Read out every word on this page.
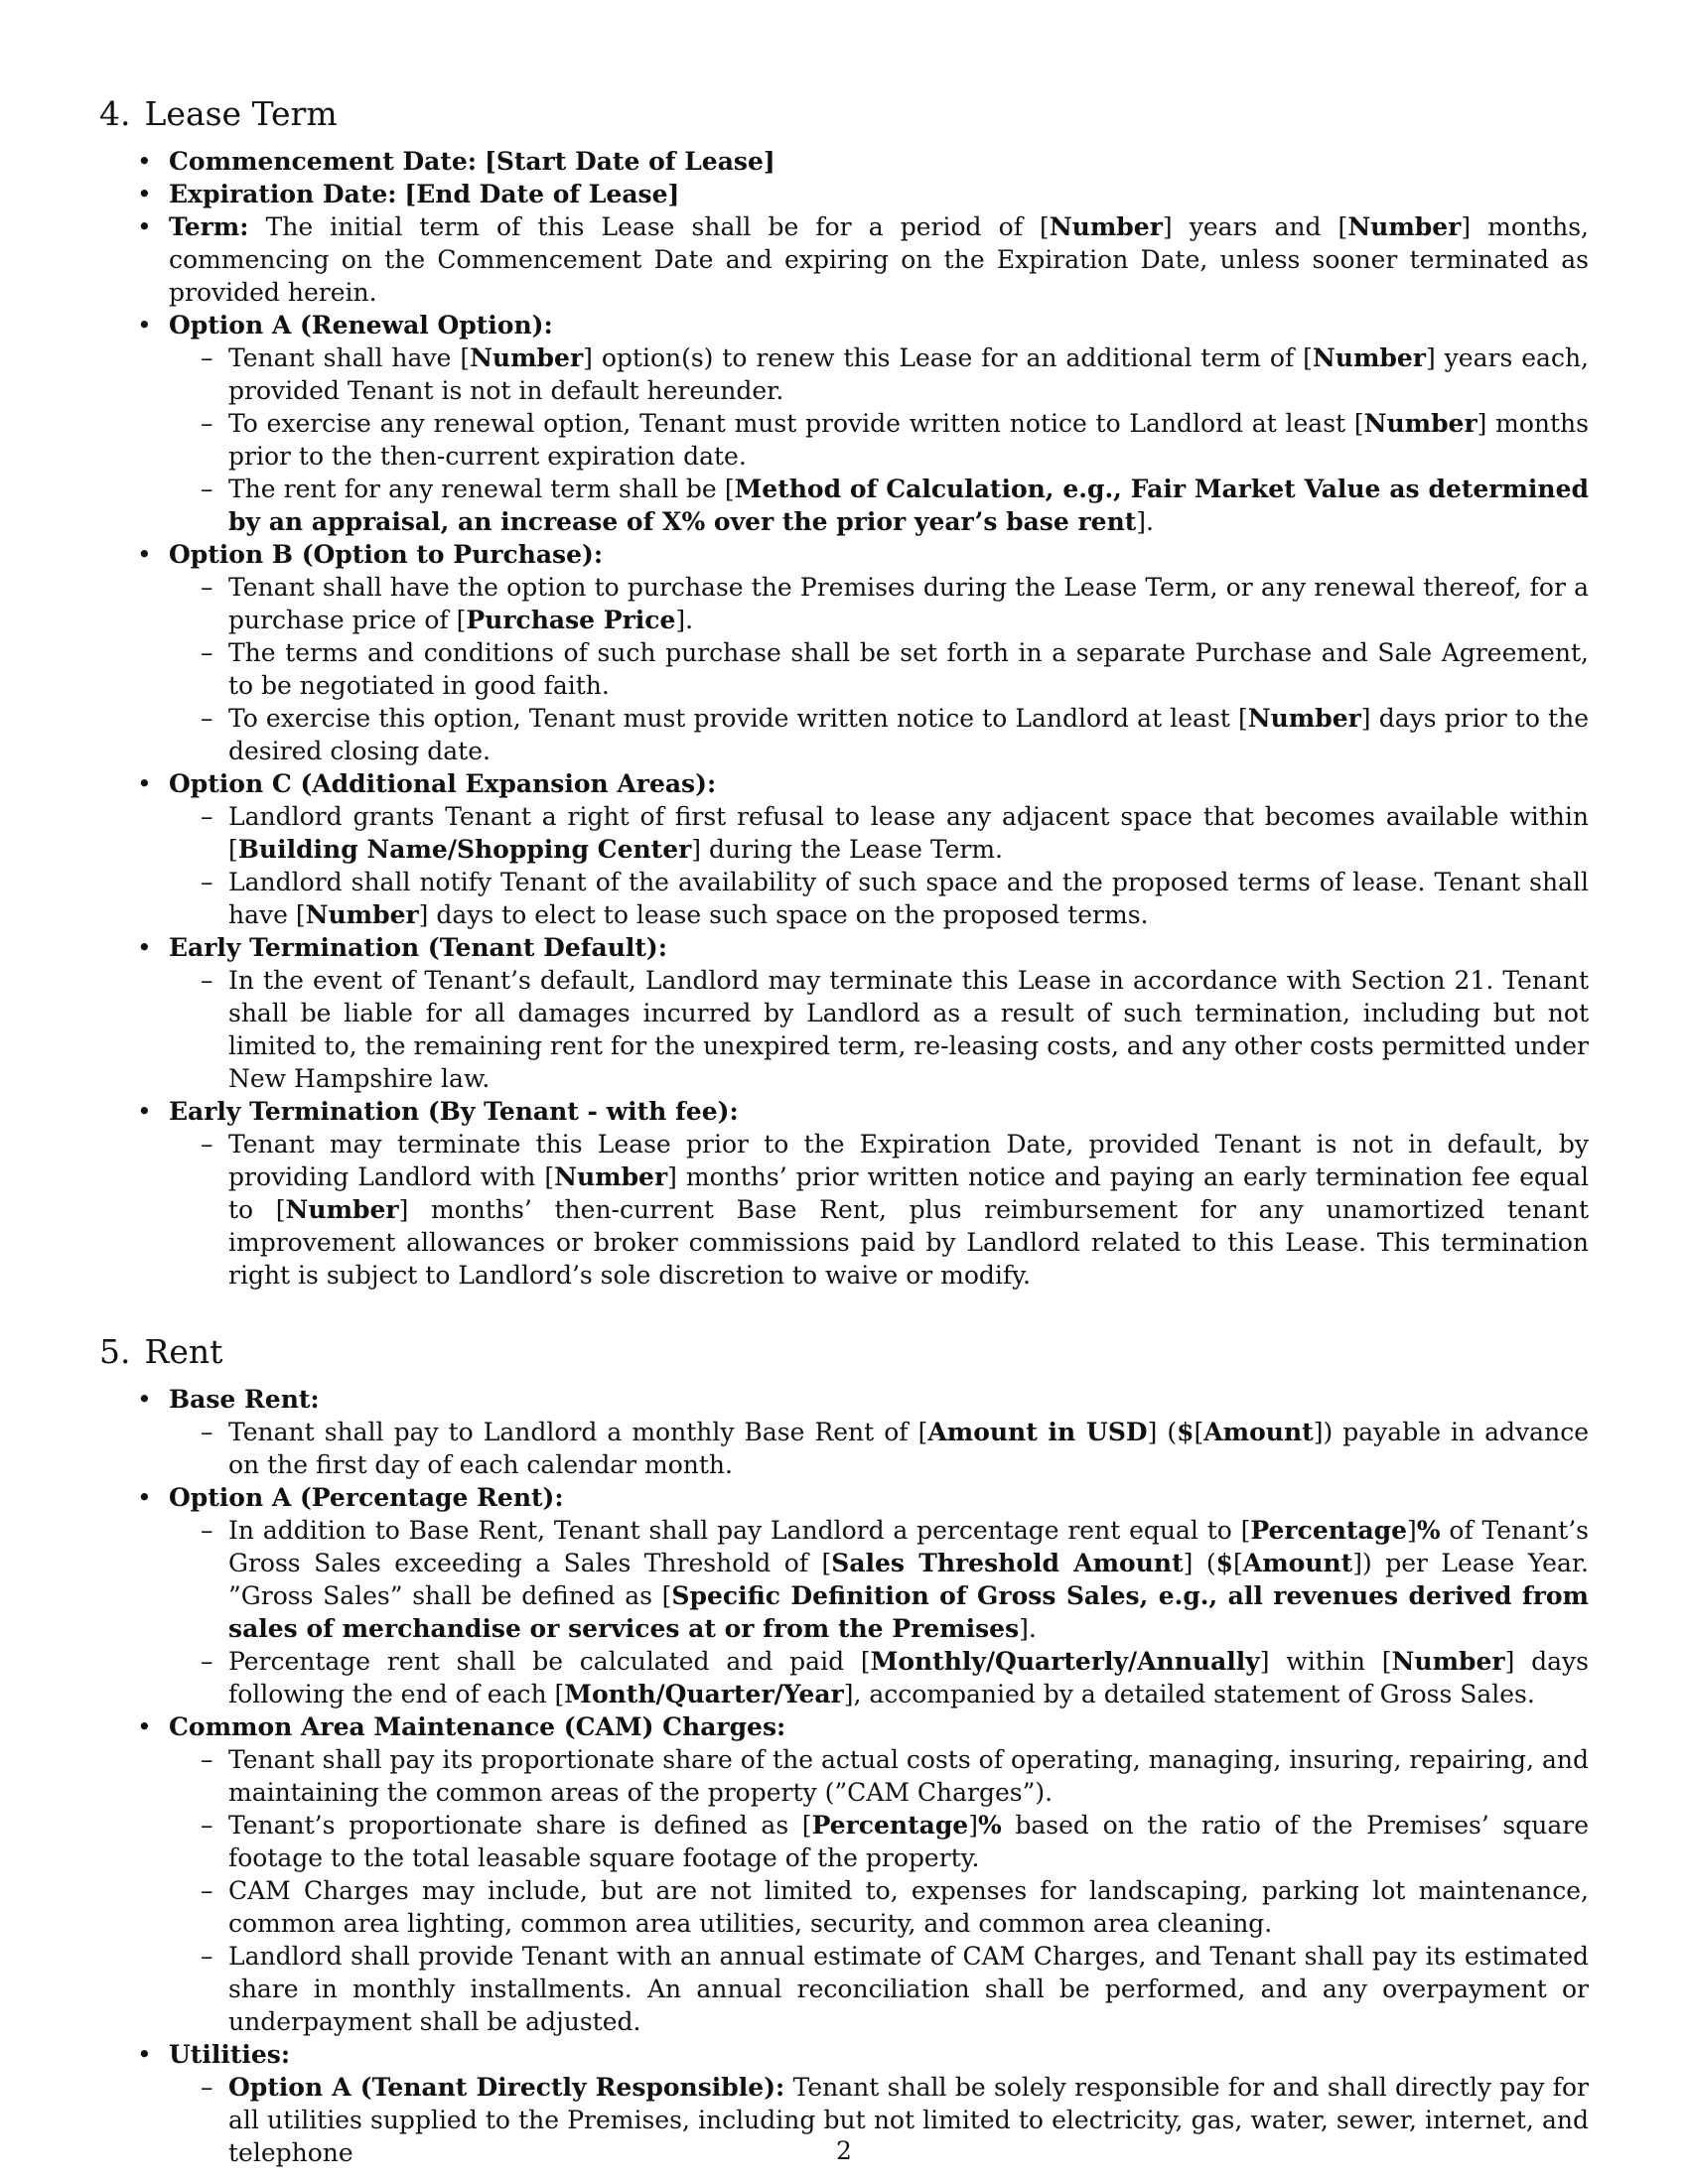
4. Lease Term
• Commencement Date: [Start Date of Lease]
• Expiration Date: [End Date of Lease]
• Term: The initial term of this Lease shall be for a period of [Number] years and [Number] months, commencing on the Commencement Date and expiring on the Expiration Date, unless sooner terminated as provided herein.
• Option A (Renewal Option):
– Tenant shall have [Number] option(s) to renew this Lease for an additional term of [Number] years each, provided Tenant is not in default hereunder.
– To exercise any renewal option, Tenant must provide written notice to Landlord at least [Number] months prior to the then-current expiration date.
– The rent for any renewal term shall be [Method of Calculation, e.g., Fair Market Value as determined by an appraisal, an increase of X% over the prior year’s base rent].
• Option B (Option to Purchase):
– Tenant shall have the option to purchase the Premises during the Lease Term, or any renewal thereof, for a purchase price of [Purchase Price].
– The terms and conditions of such purchase shall be set forth in a separate Purchase and Sale Agreement, to be negotiated in good faith.
– To exercise this option, Tenant must provide written notice to Landlord at least [Number] days prior to the desired closing date.
• Option C (Additional Expansion Areas):
– Landlord grants Tenant a right of first refusal to lease any adjacent space that becomes available within [Building Name/Shopping Center] during the Lease Term.
– Landlord shall notify Tenant of the availability of such space and the proposed terms of lease. Tenant shall have [Number] days to elect to lease such space on the proposed terms.
• Early Termination (Tenant Default):
– In the event of Tenant’s default, Landlord may terminate this Lease in accordance with Section 21. Tenant shall be liable for all damages incurred by Landlord as a result of such termination, including but not limited to, the remaining rent for the unexpired term, re-leasing costs, and any other costs permitted under New Hampshire law.
• Early Termination (By Tenant - with fee):
– Tenant may terminate this Lease prior to the Expiration Date, provided Tenant is not in default, by providing Landlord with [Number] months’ prior written notice and paying an early termination fee equal to [Number] months’ then-current Base Rent, plus reimbursement for any unamortized tenant improvement allowances or broker commissions paid by Landlord related to this Lease. This termination right is subject to Landlord’s sole discretion to waive or modify.
5. Rent
• Base Rent:
– Tenant shall pay to Landlord a monthly Base Rent of [Amount in USD] ($[Amount]) payable in advance on the first day of each calendar month.
• Option A (Percentage Rent):
– In addition to Base Rent, Tenant shall pay Landlord a percentage rent equal to [Percentage]% of Tenant’s Gross Sales exceeding a Sales Threshold of [Sales Threshold Amount] ($[Amount]) per Lease Year. ”Gross Sales” shall be defined as [Specific Definition of Gross Sales, e.g., all revenues derived from sales of merchandise or services at or from the Premises].
– Percentage rent shall be calculated and paid [Monthly/Quarterly/Annually] within [Number] days following the end of each [Month/Quarter/Year], accompanied by a detailed statement of Gross Sales.
• Common Area Maintenance (CAM) Charges:
– Tenant shall pay its proportionate share of the actual costs of operating, managing, insuring, repairing, and maintaining the common areas of the property (”CAM Charges”).
– Tenant’s proportionate share is defined as [Percentage]% based on the ratio of the Premises’ square footage to the total leasable square footage of the property.
– CAM Charges may include, but are not limited to, expenses for landscaping, parking lot maintenance, common area lighting, common area utilities, security, and common area cleaning.
– Landlord shall provide Tenant with an annual estimate of CAM Charges, and Tenant shall pay its estimated share in monthly installments. An annual reconciliation shall be performed, and any overpayment or underpayment shall be adjusted.
• Utilities:
– Option A (Tenant Directly Responsible): Tenant shall be solely responsible for and shall directly pay for all utilities supplied to the Premises, including but not limited to electricity, gas, water, sewer, internet, and telephone	2
